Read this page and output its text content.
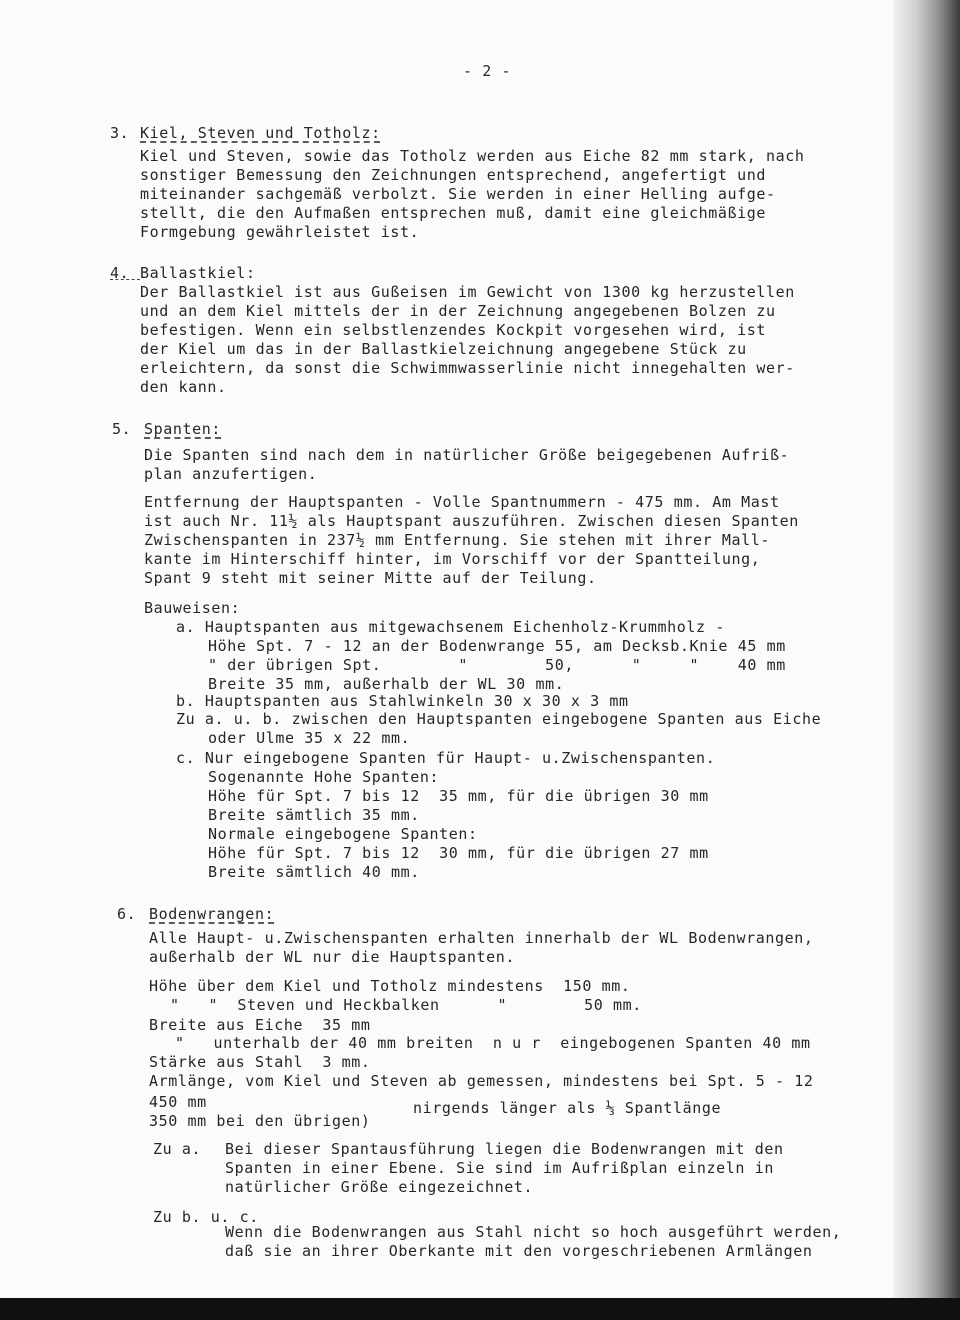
- 2 -
3. Kiel, Steven und Totholz:
Kiel und Steven, sowie das Totholz werden aus Eiche 82 mm stark, nach
sonstiger Bemessung den Zeichnungen entsprechend, angefertigt und
miteinander sachgemäß verbolzt. Sie werden in einer Helling aufge-
stellt, die den Aufmaßen entsprechen muß, damit eine gleichmäßige
Formgebung gewährleistet ist.
4. Ballastkiel:
Der Ballastkiel ist aus Gußeisen im Gewicht von 1300 kg herzustellen
und an dem Kiel mittels der in der Zeichnung angegebenen Bolzen zu
befestigen. Wenn ein selbstlenzendes Kockpit vorgesehen wird, ist
der Kiel um das in der Ballastkielzeichnung angegebene Stück zu
erleichtern, da sonst die Schwimmwasserlinie nicht innegehalten wer-
den kann.
5. Spanten:
Die Spanten sind nach dem in natürlicher Größe beigegebenen Aufriß-
plan anzufertigen.
Entfernung der Hauptspanten - Volle Spantnummern - 475 mm. Am Mast
ist auch Nr. 11½ als Hauptspant auszuführen. Zwischen diesen Spanten
Zwischenspanten in 237½ mm Entfernung. Sie stehen mit ihrer Mall-
kante im Hinterschiff hinter, im Vorschiff vor der Spantteilung,
Spant 9 steht mit seiner Mitte auf der Teilung.
Bauweisen:
a. Hauptspanten aus mitgewachsenem Eichenholz-Krummholz -
Höhe Spt. 7 - 12 an der Bodenwrange 55, am Decksb.Knie 45 mm
" der übrigen Spt.        "        50,      "     "    40 mm
Breite 35 mm, außerhalb der WL 30 mm.
b. Hauptspanten aus Stahlwinkeln 30 x 30 x 3 mm
Zu a. u. b. zwischen den Hauptspanten eingebogene Spanten aus Eiche
oder Ulme 35 x 22 mm.
c. Nur eingebogene Spanten für Haupt- u.Zwischenspanten.
Sogenannte Hohe Spanten:
Höhe für Spt. 7 bis 12  35 mm, für die übrigen 30 mm
Breite sämtlich 35 mm.
Normale eingebogene Spanten:
Höhe für Spt. 7 bis 12  30 mm, für die übrigen 27 mm
Breite sämtlich 40 mm.
6. Bodenwrangen:
Alle Haupt- u.Zwischenspanten erhalten innerhalb der WL Bodenwrangen,
außerhalb der WL nur die Hauptspanten.
Höhe über dem Kiel und Totholz mindestens  150 mm.
"   "  Steven und Heckbalken      "        50 mm.
Breite aus Eiche  35 mm
"   unterhalb der 40 mm breiten  n u r  eingebogenen Spanten 40 mm
Stärke aus Stahl  3 mm.
Armlänge, vom Kiel und Steven ab gemessen, mindestens bei Spt. 5 - 12
450 mm
350 mm bei den übrigen)
nirgends länger als ⅓ Spantlänge
Zu a. Bei dieser Spantausführung liegen die Bodenwrangen mit den
Spanten in einer Ebene. Sie sind im Aufrißplan einzeln in
natürlicher Größe eingezeichnet.
Zu b. u. c.
Wenn die Bodenwrangen aus Stahl nicht so hoch ausgeführt werden,
daß sie an ihrer Oberkante mit den vorgeschriebenen Armlängen
